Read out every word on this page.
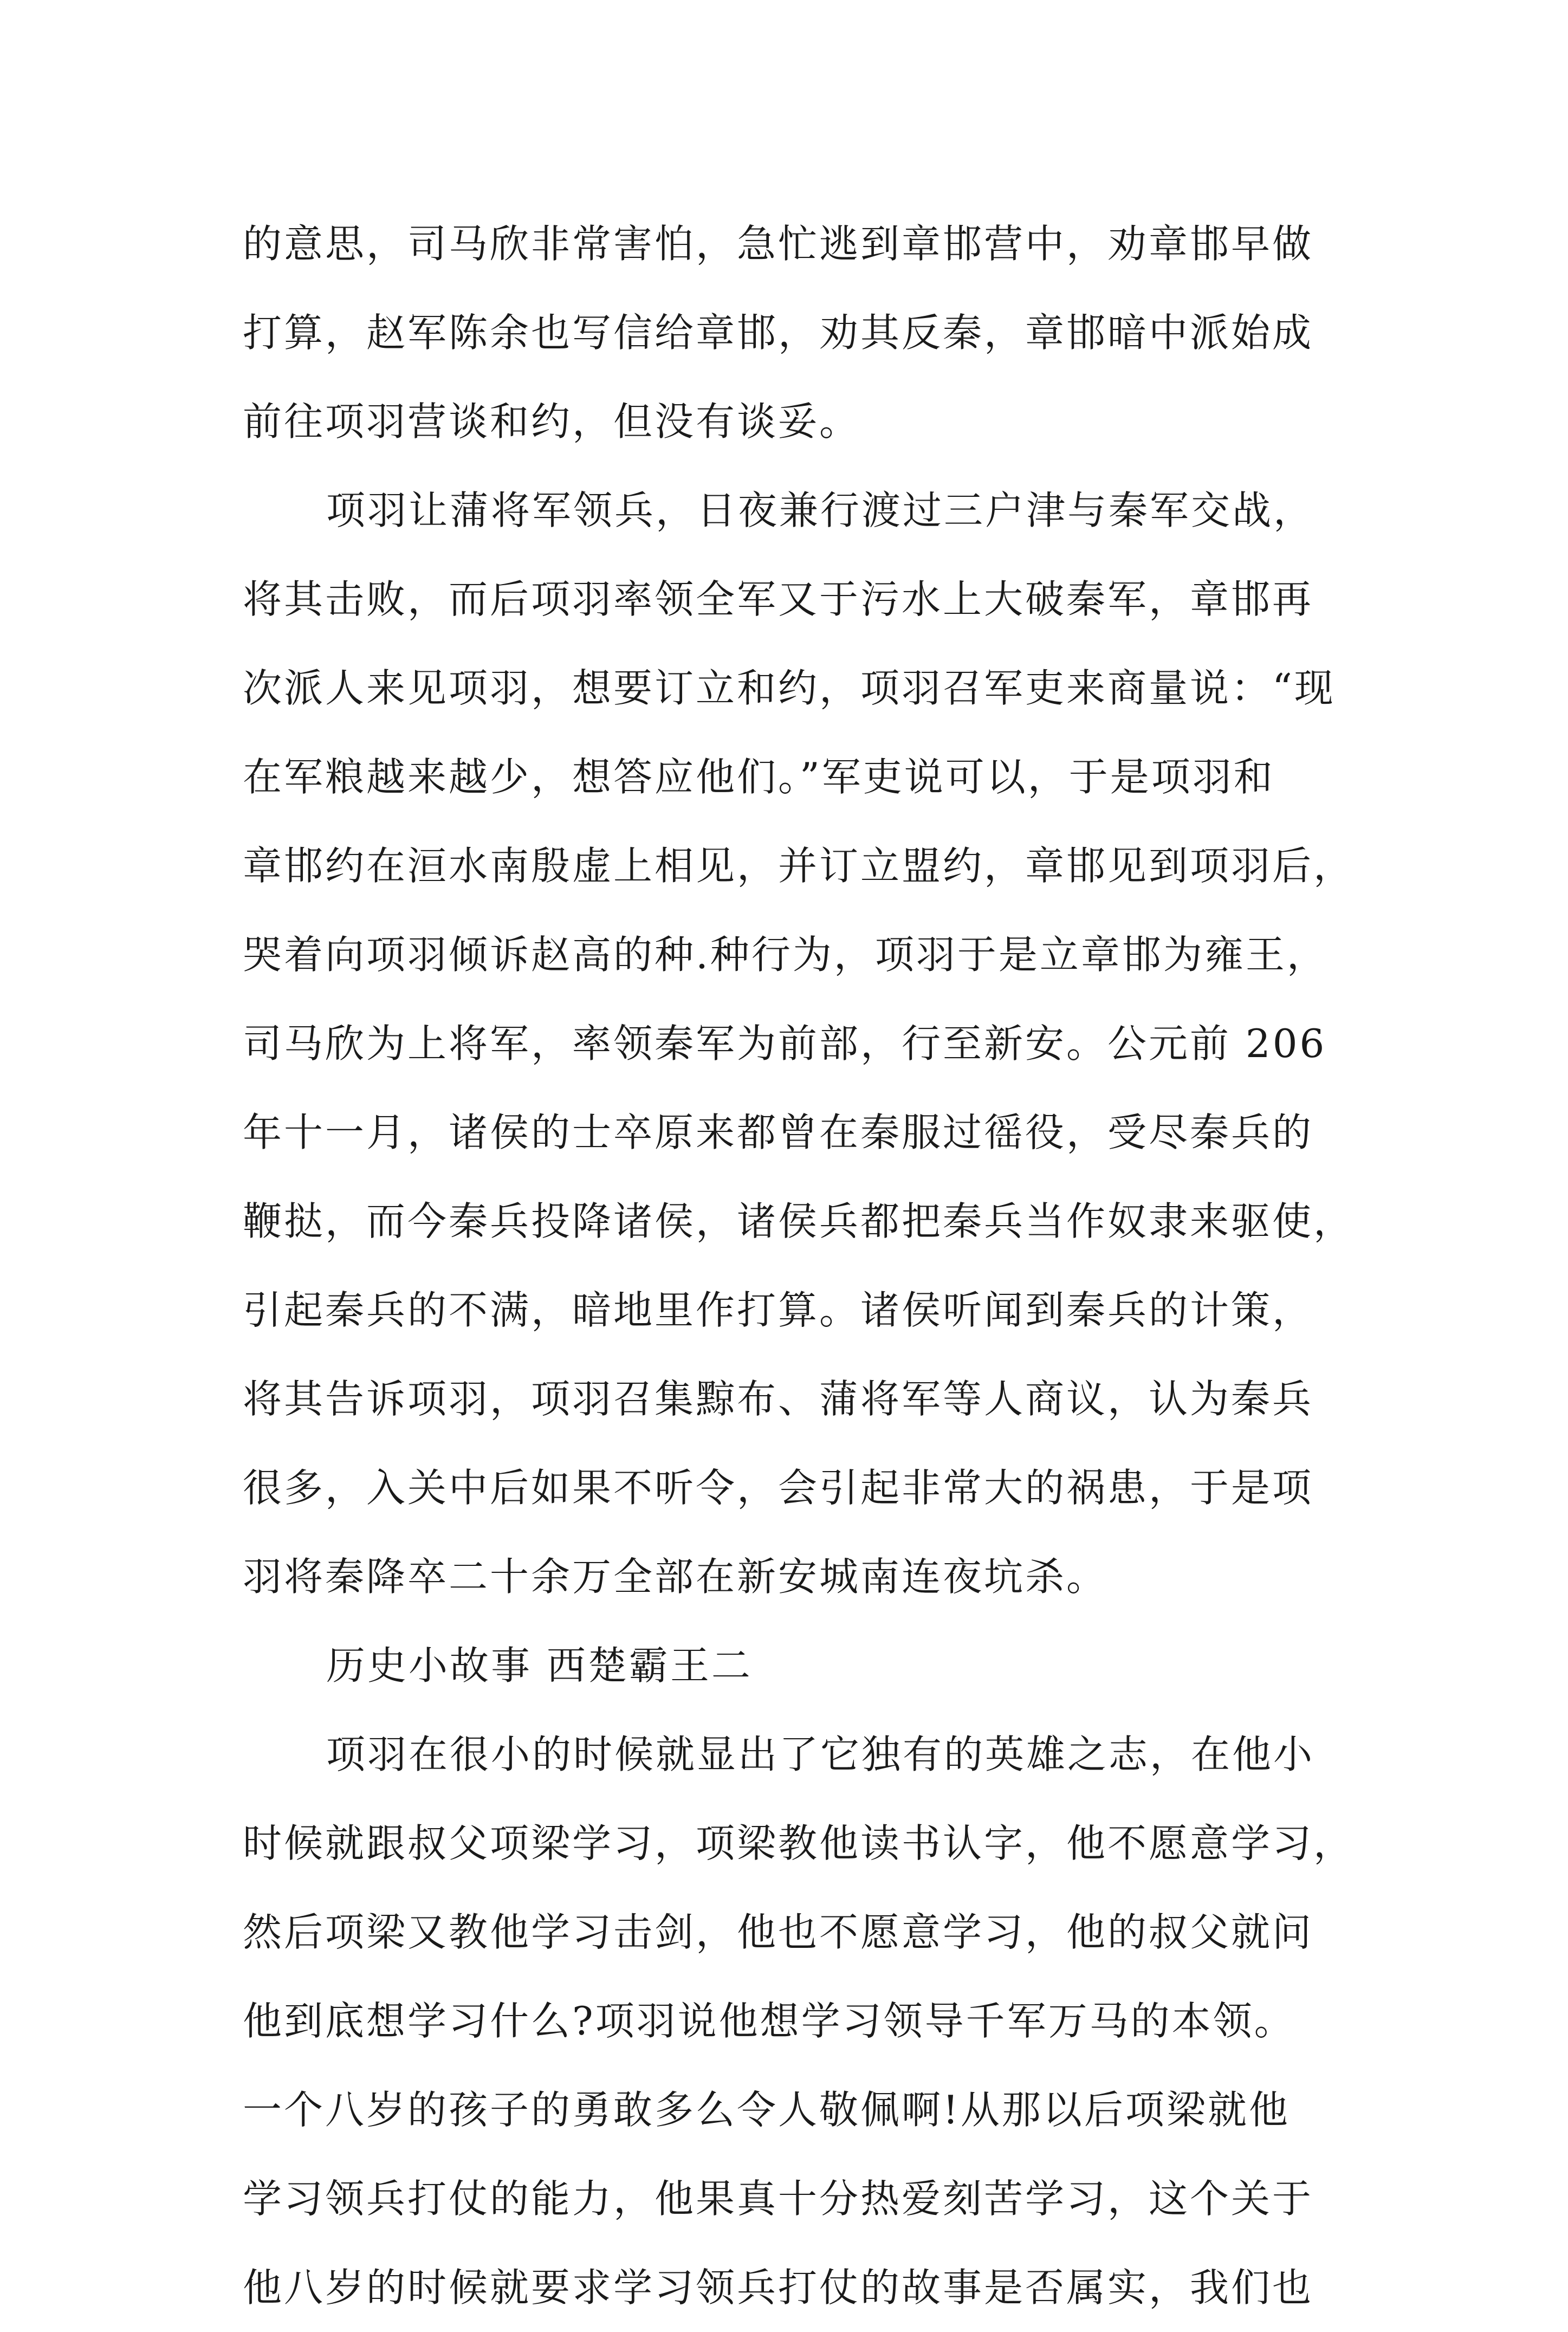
的意思，司马欣非常害怕，急忙逃到章邯营中，劝章邯早做
打算，赵军陈余也写信给章邯，劝其反秦，章邯暗中派始成
前往项羽营谈和约，但没有谈妥。
项羽让蒲将军领兵，日夜兼行渡过三户津与秦军交战，
将其击败，而后项羽率领全军又于污水上大破秦军，章邯再
次派人来见项羽，想要订立和约，项羽召军吏来商量说：“现
在军粮越来越少，想答应他们。”军吏说可以，于是项羽和
章邯约在洹水南殷虚上相见，并订立盟约，章邯见到项羽后，
哭着向项羽倾诉赵高的种.种行为，项羽于是立章邯为雍王，
司马欣为上将军，率领秦军为前部，行至新安。公元前 206
年十一月，诸侯的士卒原来都曾在秦服过徭役，受尽秦兵的
鞭挞，而今秦兵投降诸侯，诸侯兵都把秦兵当作奴隶来驱使，
引起秦兵的不满，暗地里作打算。诸侯听闻到秦兵的计策，
将其告诉项羽，项羽召集黥布、蒲将军等人商议，认为秦兵
很多，入关中后如果不听令，会引起非常大的祸患，于是项
羽将秦降卒二十余万全部在新安城南连夜坑杀。
历史小故事 西楚霸王二
项羽在很小的时候就显出了它独有的英雄之志，在他小
时候就跟叔父项梁学习，项梁教他读书认字，他不愿意学习，
然后项梁又教他学习击剑，他也不愿意学习，他的叔父就问
他到底想学习什么?项羽说他想学习领导千军万马的本领。
一个八岁的孩子的勇敢多么令人敬佩啊!从那以后项梁就他
学习领兵打仗的能力，他果真十分热爱刻苦学习，这个关于
他八岁的时候就要求学习领兵打仗的故事是否属实，我们也
